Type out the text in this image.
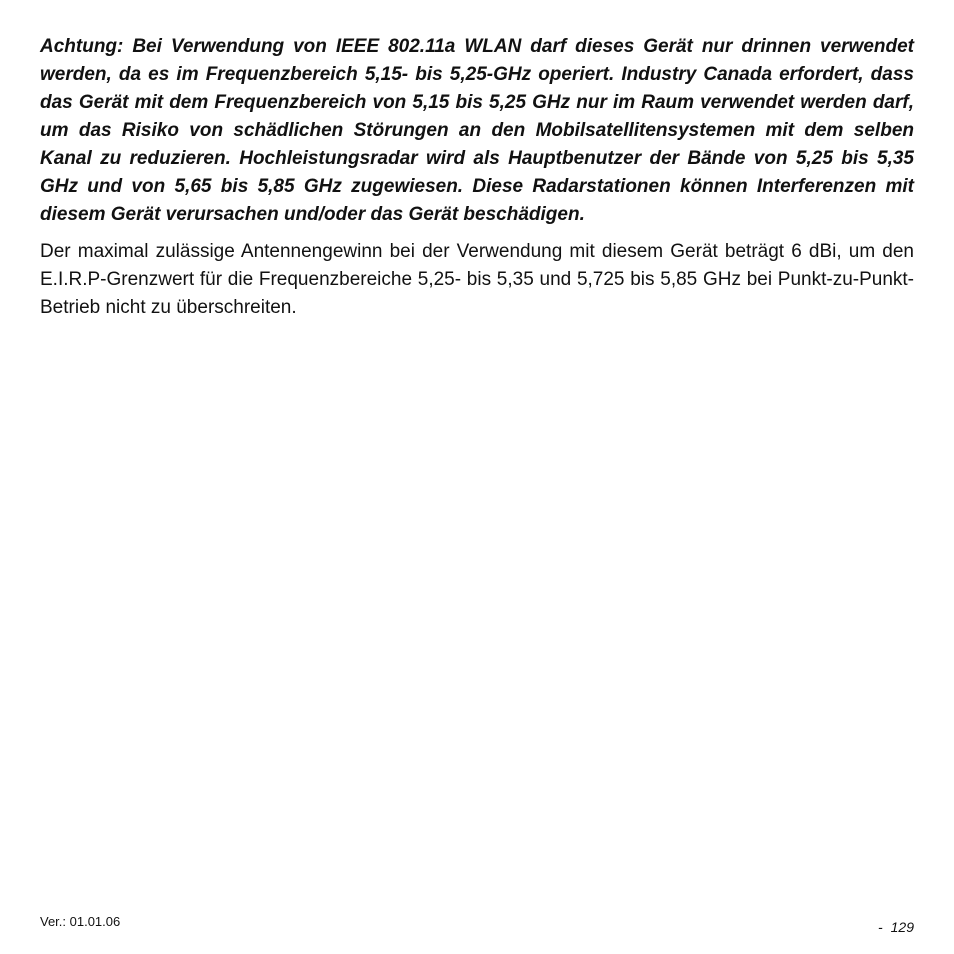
Achtung: Bei Verwendung von IEEE 802.11a WLAN darf dieses Gerät nur drinnen verwendet werden, da es im Frequenzbereich 5,15- bis 5,25-GHz operiert. Industry Canada erfordert, dass das Gerät mit dem Frequenzbereich von 5,15 bis 5,25 GHz nur im Raum verwendet werden darf, um das Risiko von schädlichen Störungen an den Mobilsatellitensystemen mit dem selben Kanal zu reduzieren. Hochleistungsradar wird als Hauptbenutzer der Bände von 5,25 bis 5,35 GHz und von 5,65 bis 5,85 GHz zugewiesen. Diese Radarstationen können Interferenzen mit diesem Gerät verursachen und/oder das Gerät beschädigen.

Der maximal zulässige Antennengewinn bei der Verwendung mit diesem Gerät beträgt 6 dBi, um den E.I.R.P-Grenzwert für die Frequenzbereiche 5,25- bis 5,35 und 5,725 bis 5,85 GHz bei Punkt-zu-Punkt-Betrieb nicht zu überschreiten.

Ver.: 01.01.06	- 129
